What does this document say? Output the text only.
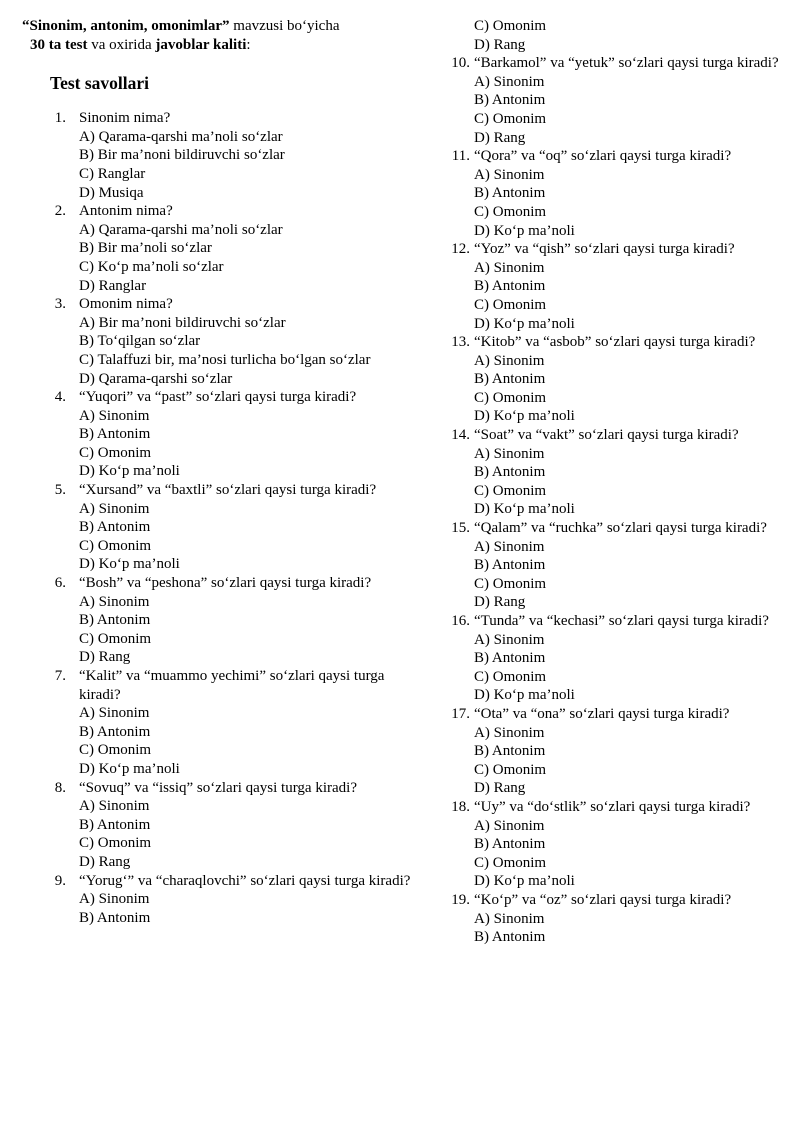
“Sinonim, antonim, omonimlar” mavzusi bo‘yicha
30 ta test va oxirida javoblar kaliti:
Test savollari
1. Sinonim nima?
A) Qarama-qarshi ma’noli so‘zlar
B) Bir ma’noni bildiruvchi so‘zlar
C) Ranglar
D) Musiqa
2. Antonim nima?
A) Qarama-qarshi ma’noli so‘zlar
B) Bir ma’noli so‘zlar
C) Ko‘p ma’noli so‘zlar
D) Ranglar
3. Omonim nima?
A) Bir ma’noni bildiruvchi so‘zlar
B) To‘qilgan so‘zlar
C) Talaffuzi bir, ma’nosi turlicha bo‘lgan so‘zlar
D) Qarama-qarshi so‘zlar
4. “Yuqori” va “past” so‘zlari qaysi turga kiradi?
A) Sinonim
B) Antonim
C) Omonim
D) Ko‘p ma’noli
5. “Xursand” va “baxtli” so‘zlari qaysi turga kiradi?
A) Sinonim
B) Antonim
C) Omonim
D) Ko‘p ma’noli
6. “Bosh” va “peshona” so‘zlari qaysi turga kiradi?
A) Sinonim
B) Antonim
C) Omonim
D) Rang
7. “Kalit” va “muammo yechimi” so‘zlari qaysi turga kiradi?
A) Sinonim
B) Antonim
C) Omonim
D) Ko‘p ma’noli
8. “Sovuq” va “issiq” so‘zlari qaysi turga kiradi?
A) Sinonim
B) Antonim
C) Omonim
D) Rang
9. “Yorug‘” va “charaqlovchi” so‘zlari qaysi turga kiradi?
A) Sinonim
B) Antonim
C) Omonim
D) Rang
10. “Barkamol” va “yetuk” so‘zlari qaysi turga kiradi?
A) Sinonim
B) Antonim
C) Omonim
D) Rang
11. “Qora” va “oq” so‘zlari qaysi turga kiradi?
A) Sinonim
B) Antonim
C) Omonim
D) Ko‘p ma’noli
12. “Yoz” va “qish” so‘zlari qaysi turga kiradi?
A) Sinonim
B) Antonim
C) Omonim
D) Ko‘p ma’noli
13. “Kitob” va “asbob” so‘zlari qaysi turga kiradi?
A) Sinonim
B) Antonim
C) Omonim
D) Ko‘p ma’noli
14. “Soat” va “vakt” so‘zlari qaysi turga kiradi?
A) Sinonim
B) Antonim
C) Omonim
D) Ko‘p ma’noli
15. “Qalam” va “ruchka” so‘zlari qaysi turga kiradi?
A) Sinonim
B) Antonim
C) Omonim
D) Rang
16. “Tunda” va “kechasi” so‘zlari qaysi turga kiradi?
A) Sinonim
B) Antonim
C) Omonim
D) Ko‘p ma’noli
17. “Ota” va “ona” so‘zlari qaysi turga kiradi?
A) Sinonim
B) Antonim
C) Omonim
D) Rang
18. “Uy” va “do‘stlik” so‘zlari qaysi turga kiradi?
A) Sinonim
B) Antonim
C) Omonim
D) Ko‘p ma’noli
19. “Ko‘p” va “oz” so‘zlari qaysi turga kiradi?
A) Sinonim
B) Antonim
